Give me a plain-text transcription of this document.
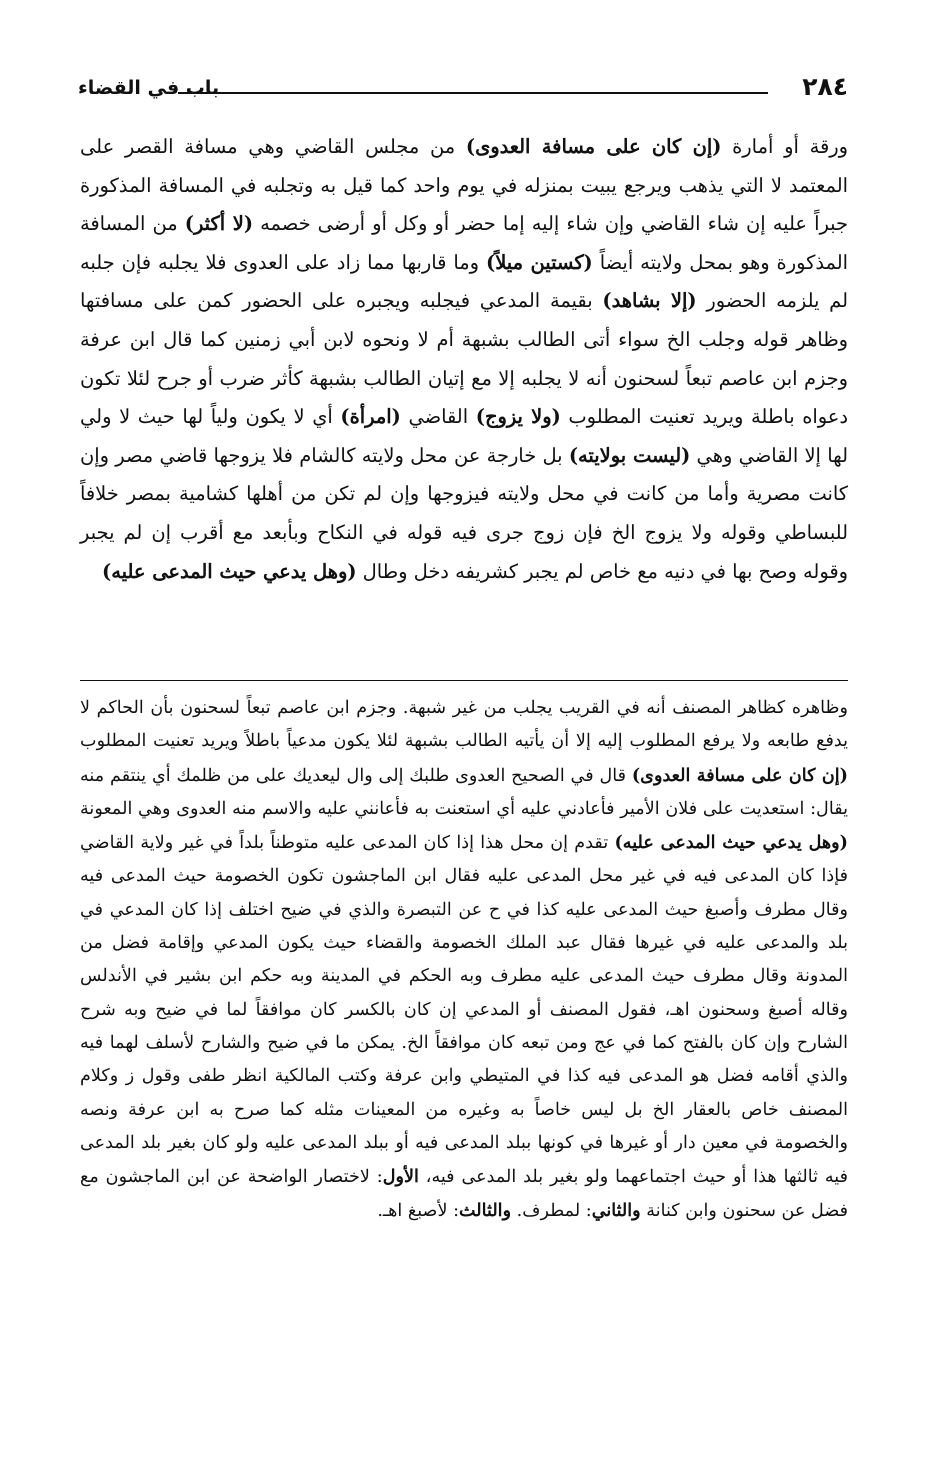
٢٨٤
باب في القضاء

ورقة أو أمارة (إن كان على مسافة العدوى) من مجلس القاضي وهي مسافة القصر على المعتمد لا التي يذهب ويرجع يبيت بمنزله في يوم واحد كما قيل به وتجلبه في المسافة المذكورة جبراً عليه إن شاء القاضي وإن شاء إليه إما حضر أو وكل أو أرضى خصمه (لا أكثر) من المسافة المذكورة وهو بمحل ولايته أيضاً (كستين ميلاً) وما قاربها مما زاد على العدوى فلا يجلبه فإن جلبه لم يلزمه الحضور (إلا بشاهد) بقيمة المدعي فيجلبه ويجبره على الحضور كمن على مسافتها وظاهر قوله وجلب الخ سواء أتى الطالب بشبهة أم لا ونحوه لابن أبي زمنين كما قال ابن عرفة وجزم ابن عاصم تبعاً لسحنون أنه لا يجلبه إلا مع إتيان الطالب بشبهة كأثر ضرب أو جرح لئلا تكون دعواه باطلة ويريد تعنيت المطلوب (ولا يزوج) القاضي (امرأة) أي لا يكون ولياً لها حيث لا ولي لها إلا القاضي وهي (ليست بولايته) بل خارجة عن محل ولايته كالشام فلا يزوجها قاضي مصر وإن كانت مصرية وأما من كانت في محل ولايته فيزوجها وإن لم تكن من أهلها كشامية بمصر خلافاً للبساطي وقوله ولا يزوج الخ فإن زوج جرى فيه قوله في النكاح وبأبعد مع أقرب إن لم يجبر وقوله وصح بها في دنيه مع خاص لم يجبر كشريفه دخل وطال (وهل يدعي حيث المدعى عليه)

وظاهره كظاهر المصنف أنه في القريب يجلب من غير شبهة. وجزم ابن عاصم تبعاً لسحنون بأن الحاكم لا يدفع طابعه ولا يرفع المطلوب إليه إلا أن يأتيه الطالب بشبهة لئلا يكون مدعياً باطلاً ويريد تعنيت المطلوب (إن كان على مسافة العدوى) قال في الصحيح العدوى طلبك إلى وال ليعديك على من ظلمك أي ينتقم منه يقال: استعديت على فلان الأمير فأعادني عليه أي استعنت به فأعانني عليه والاسم منه العدوى وهي المعونة (وهل يدعي حيث المدعى عليه) تقدم إن محل هذا إذا كان المدعى عليه متوطناً بلداً في غير ولاية القاضي فإذا كان المدعى فيه في غير محل المدعى عليه فقال ابن الماجشون تكون الخصومة حيث المدعى فيه وقال مطرف وأصبغ حيث المدعى عليه كذا في ح عن التبصرة والذي في ضيح اختلف إذا كان المدعي في بلد والمدعى عليه في غيرها فقال عبد الملك الخصومة والقضاء حيث يكون المدعي وإقامة فضل من المدونة وقال مطرف حيث المدعى عليه مطرف وبه الحكم في المدينة وبه حكم ابن بشير في الأندلس وقاله أصبغ وسحنون اهـ، فقول المصنف أو المدعي إن كان بالكسر كان موافقاً لما في ضيح وبه شرح الشارح وإن كان بالفتح كما في عج ومن تبعه كان موافقاً الخ. يمكن ما في ضيح والشارح لأسلف لهما فيه والذي أقامه فضل هو المدعى فيه كذا في المتيطي وابن عرفة وكتب المالكية انظر طفى وقول ز وكلام المصنف خاص بالعقار الخ بل ليس خاصاً به وغيره من المعينات مثله كما صرح به ابن عرفة ونصه والخصومة في معين دار أو غيرها في كونها ببلد المدعى فيه أو ببلد المدعى عليه ولو كان بغير بلد المدعى فيه ثالثها هذا أو حيث اجتماعهما ولو بغير بلد المدعى فيه، الأول: لاختصار الواضحة عن ابن الماجشون مع فضل عن سحنون وابن كنانة والثاني: لمطرف. والثالث: لأصبغ اهـ.
